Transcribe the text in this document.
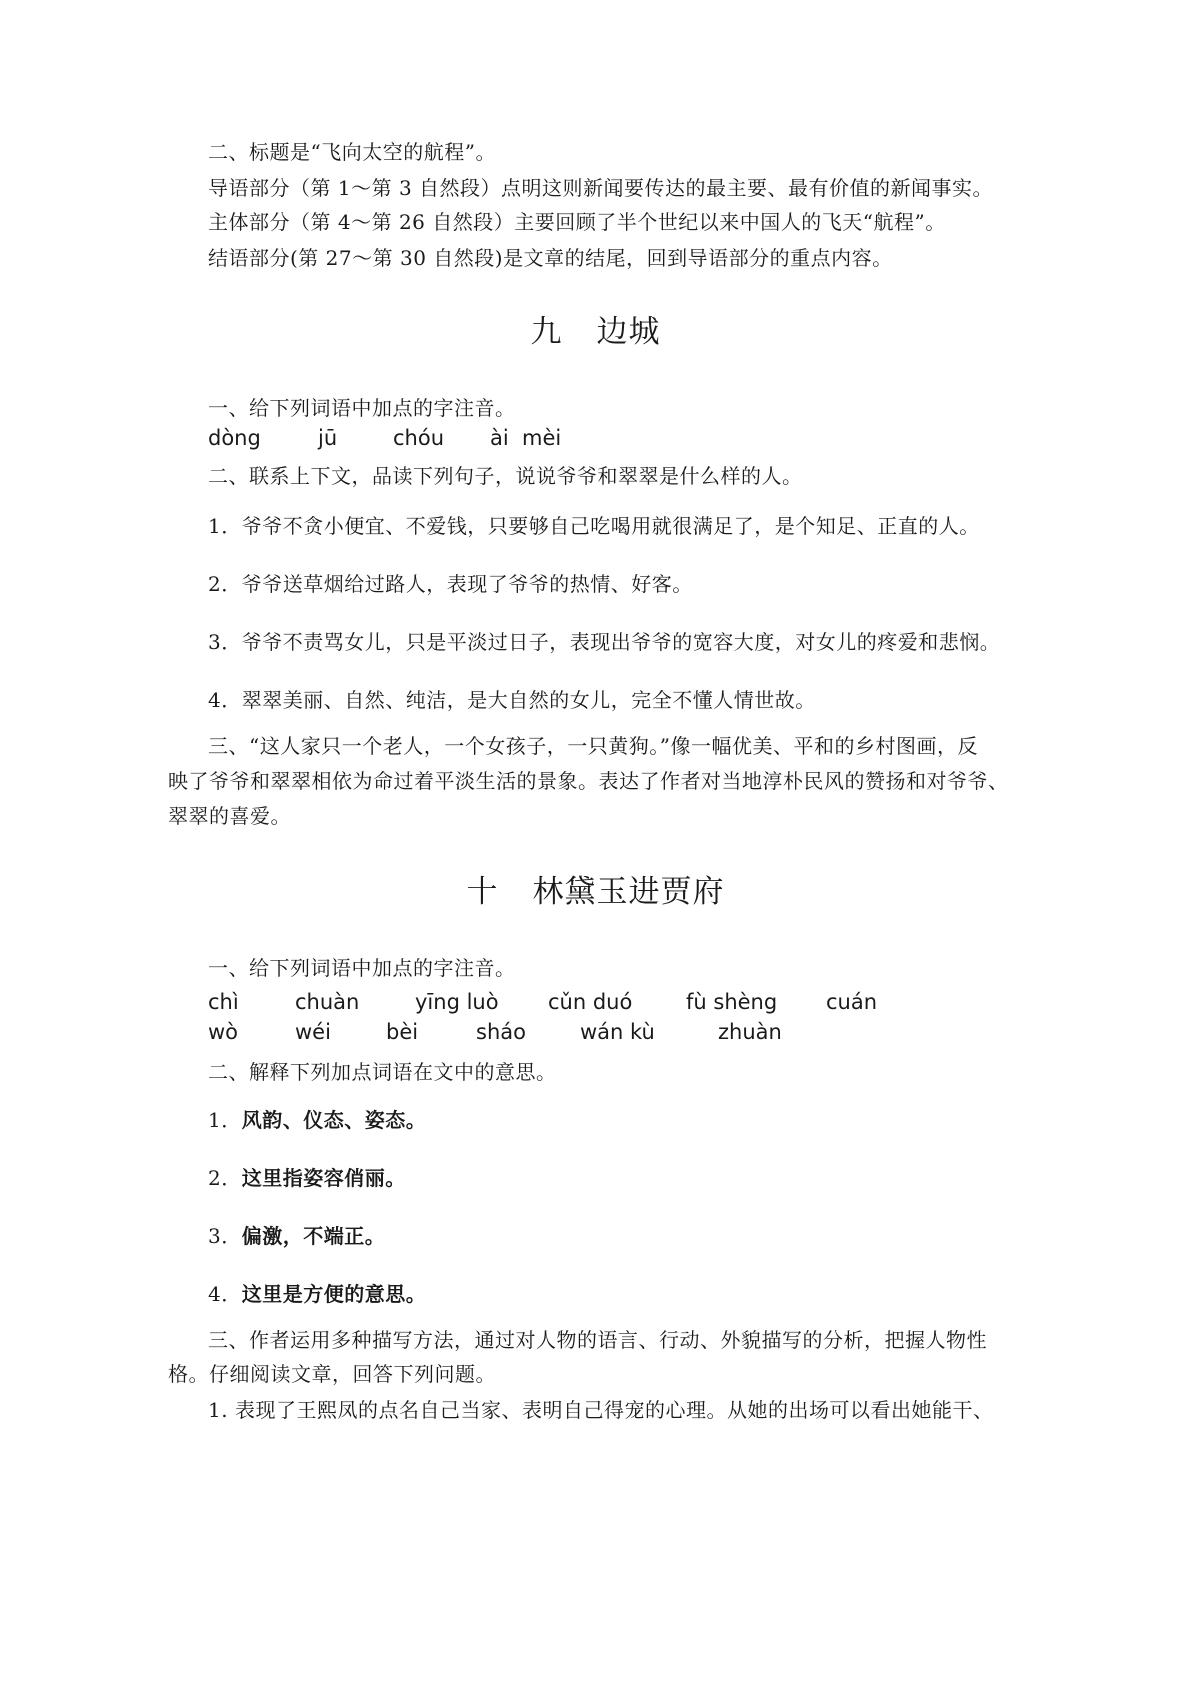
二、标题是“飞向太空的航程”。
导语部分（第 1～第 3 自然段）点明这则新闻要传达的最主要、最有价值的新闻事实。
主体部分（第 4～第 26 自然段）主要回顾了半个世纪以来中国人的飞天“航程”。
结语部分(第 27～第 30 自然段)是文章的结尾，回到导语部分的重点内容。
九 边城
一、给下列词语中加点的字注音。
dòng	jū	chóu ài  mèi
二、联系上下文，品读下列句子，说说爷爷和翠翠是什么样的人。
1．爷爷不贪小便宜、不爱钱，只要够自己吃喝用就很满足了，是个知足、正直的人。
2．爷爷送草烟给过路人，表现了爷爷的热情、好客。
3．爷爷不责骂女儿，只是平淡过日子，表现出爷爷的宽容大度，对女儿的疼爱和悲悯。
4．翠翠美丽、自然、纯洁，是大自然的女儿，完全不懂人情世故。
三、“这人家只一个老人，一个女孩子，一只黄狗。”像一幅优美、平和的乡村图画，反
映了爷爷和翠翠相依为命过着平淡生活的景象。表达了作者对当地淳朴民风的赞扬和对爷爷、
翠翠的喜爱。
十 林黛玉进贾府
一、给下列词语中加点的字注音。
chì	chuàn	yīng luò cǔn duó	fù shèng cuán
wò	wéi	bèi	sháo	wán kù	zhuàn
二、解释下列加点词语在文中的意思。
1．风韵、仪态、姿态。
2．这里指姿容俏丽。
3．偏激，不端正。
4．这里是方便的意思。
三、作者运用多种描写方法，通过对人物的语言、行动、外貌描写的分析，把握人物性
格。仔细阅读文章，回答下列问题。
1. 表现了王熙凤的点名自己当家、表明自己得宠的心理。从她的出场可以看出她能干、
